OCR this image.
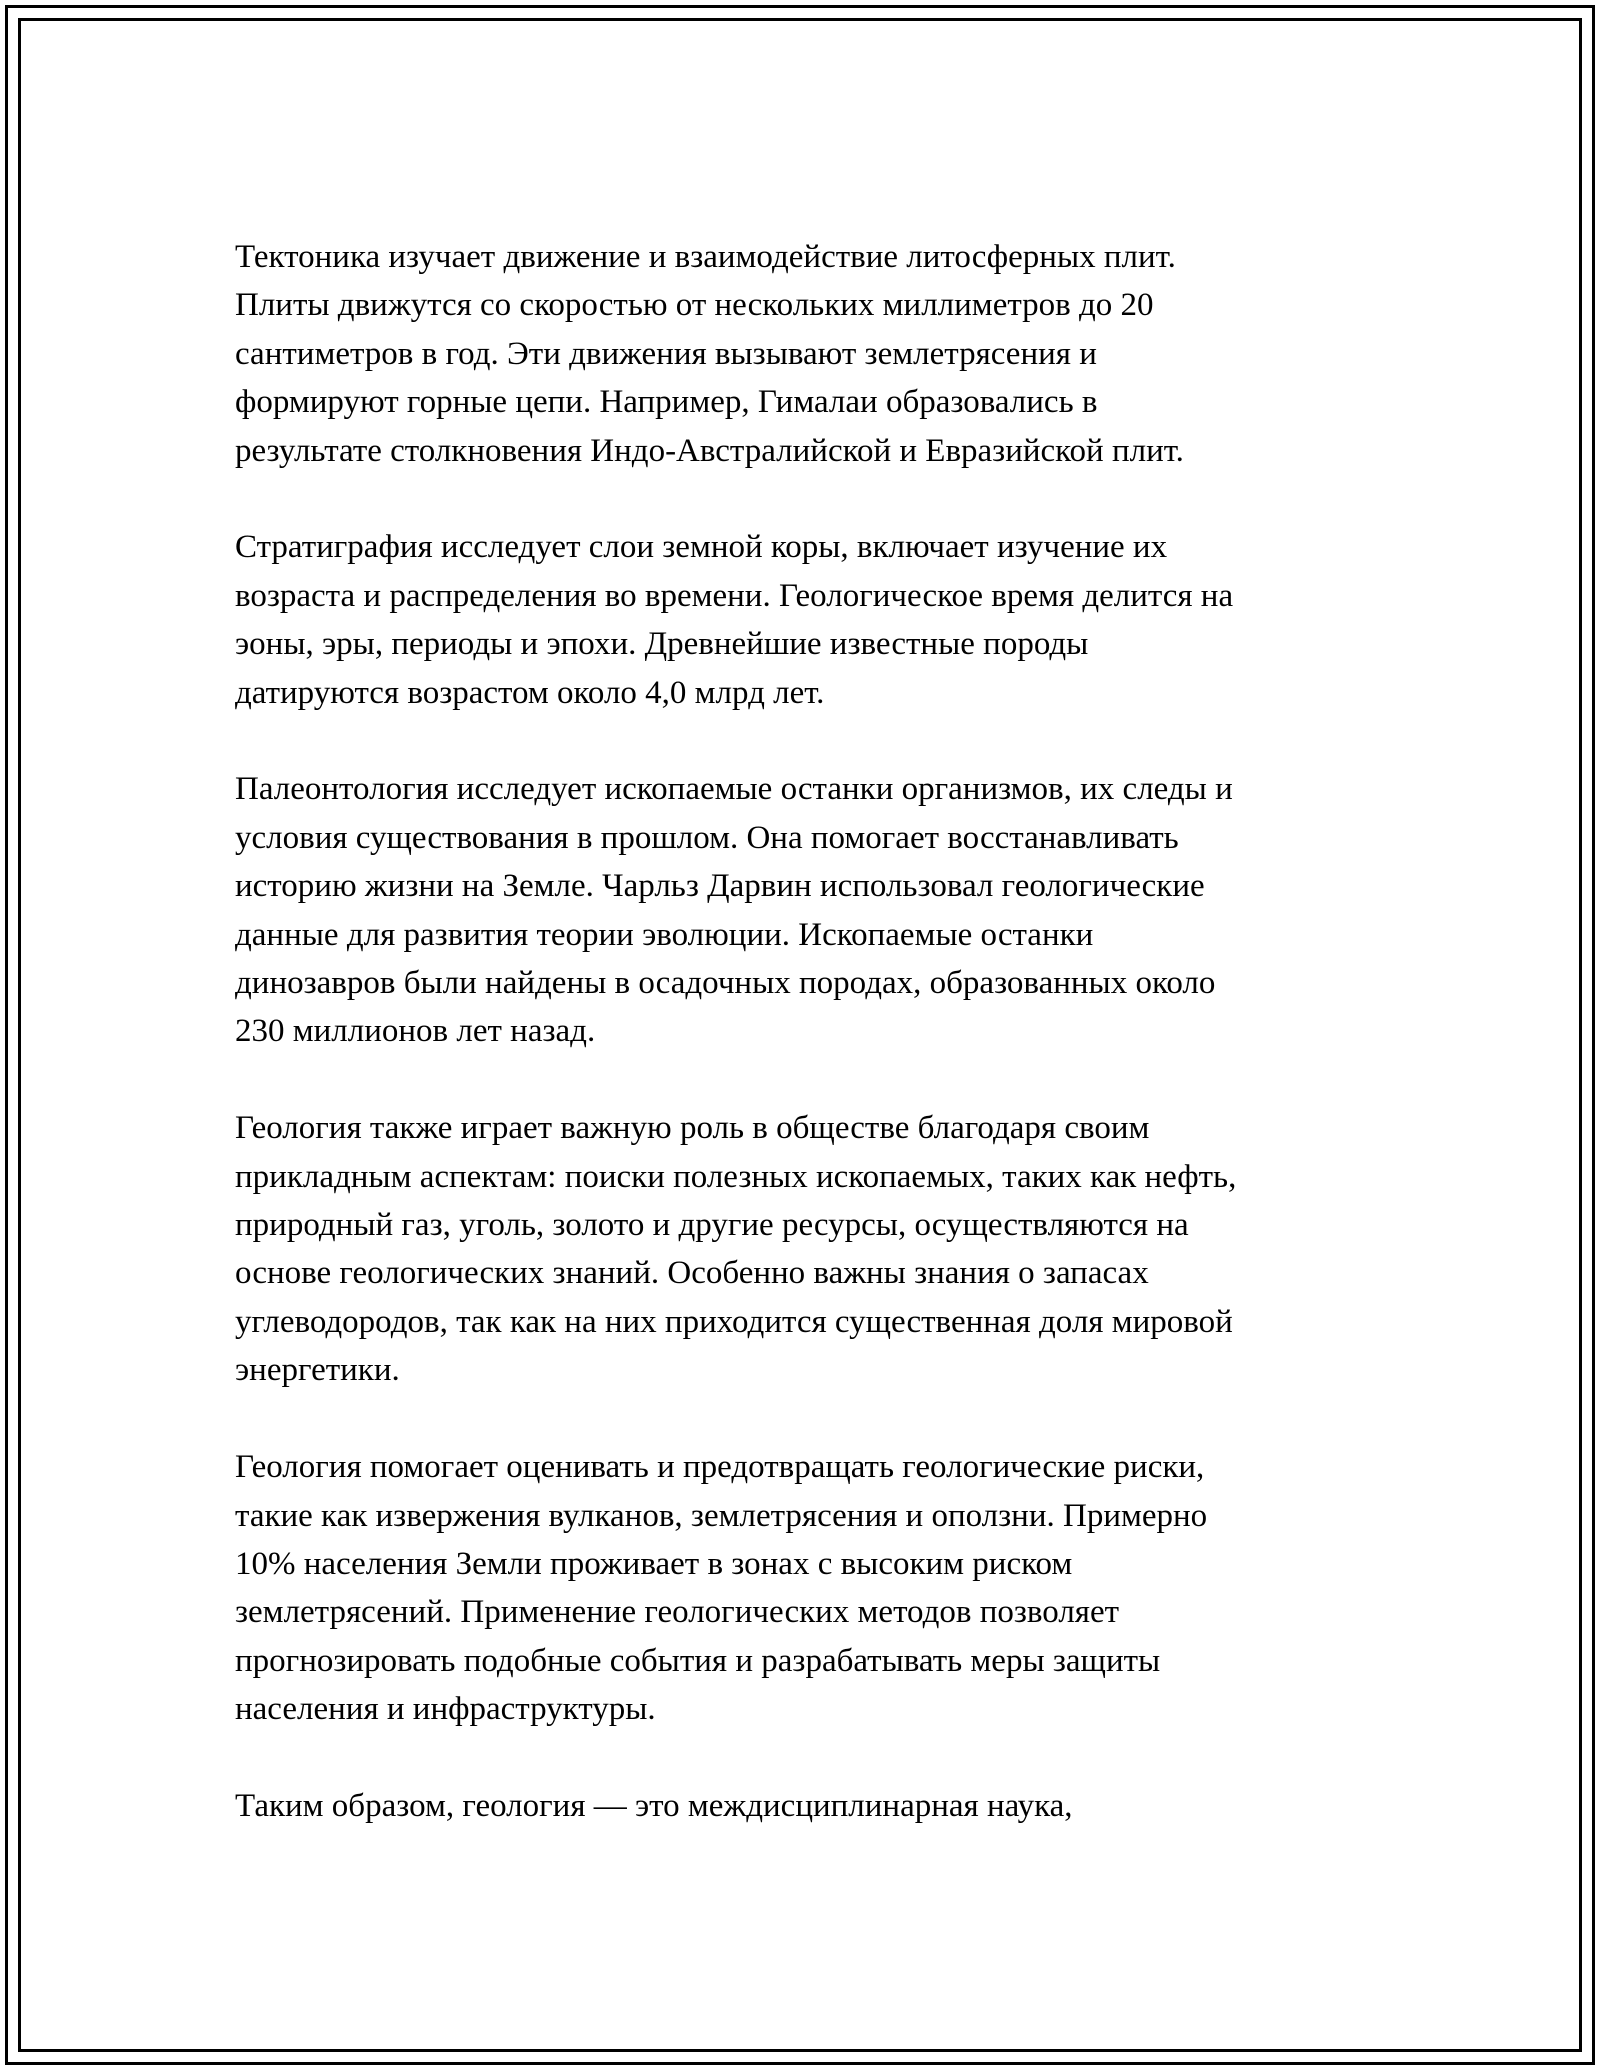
Тектоника изучает движение и взаимодействие литосферных плит.
Плиты движутся со скоростью от нескольких миллиметров до 20
сантиметров в год. Эти движения вызывают землетрясения и
формируют горные цепи. Например, Гималаи образовались в
результате столкновения Индо-Австралийской и Евразийской плит.

Стратиграфия исследует слои земной коры, включает изучение их
возраста и распределения во времени. Геологическое время делится на
эоны, эры, периоды и эпохи. Древнейшие известные породы
датируются возрастом около 4,0 млрд лет.

Палеонтология исследует ископаемые останки организмов, их следы и
условия существования в прошлом. Она помогает восстанавливать
историю жизни на Земле. Чарльз Дарвин использовал геологические
данные для развития теории эволюции. Ископаемые останки
динозавров были найдены в осадочных породах, образованных около
230 миллионов лет назад.

Геология также играет важную роль в обществе благодаря своим
прикладным аспектам: поиски полезных ископаемых, таких как нефть,
природный газ, уголь, золото и другие ресурсы, осуществляются на
основе геологических знаний. Особенно важны знания о запасах
углеводородов, так как на них приходится существенная доля мировой
энергетики.

Геология помогает оценивать и предотвращать геологические риски,
такие как извержения вулканов, землетрясения и оползни. Примерно
10% населения Земли проживает в зонах с высоким риском
землетрясений. Применение геологических методов позволяет
прогнозировать подобные события и разрабатывать меры защиты
населения и инфраструктуры.

Таким образом, геология — это междисциплинарная наука,
